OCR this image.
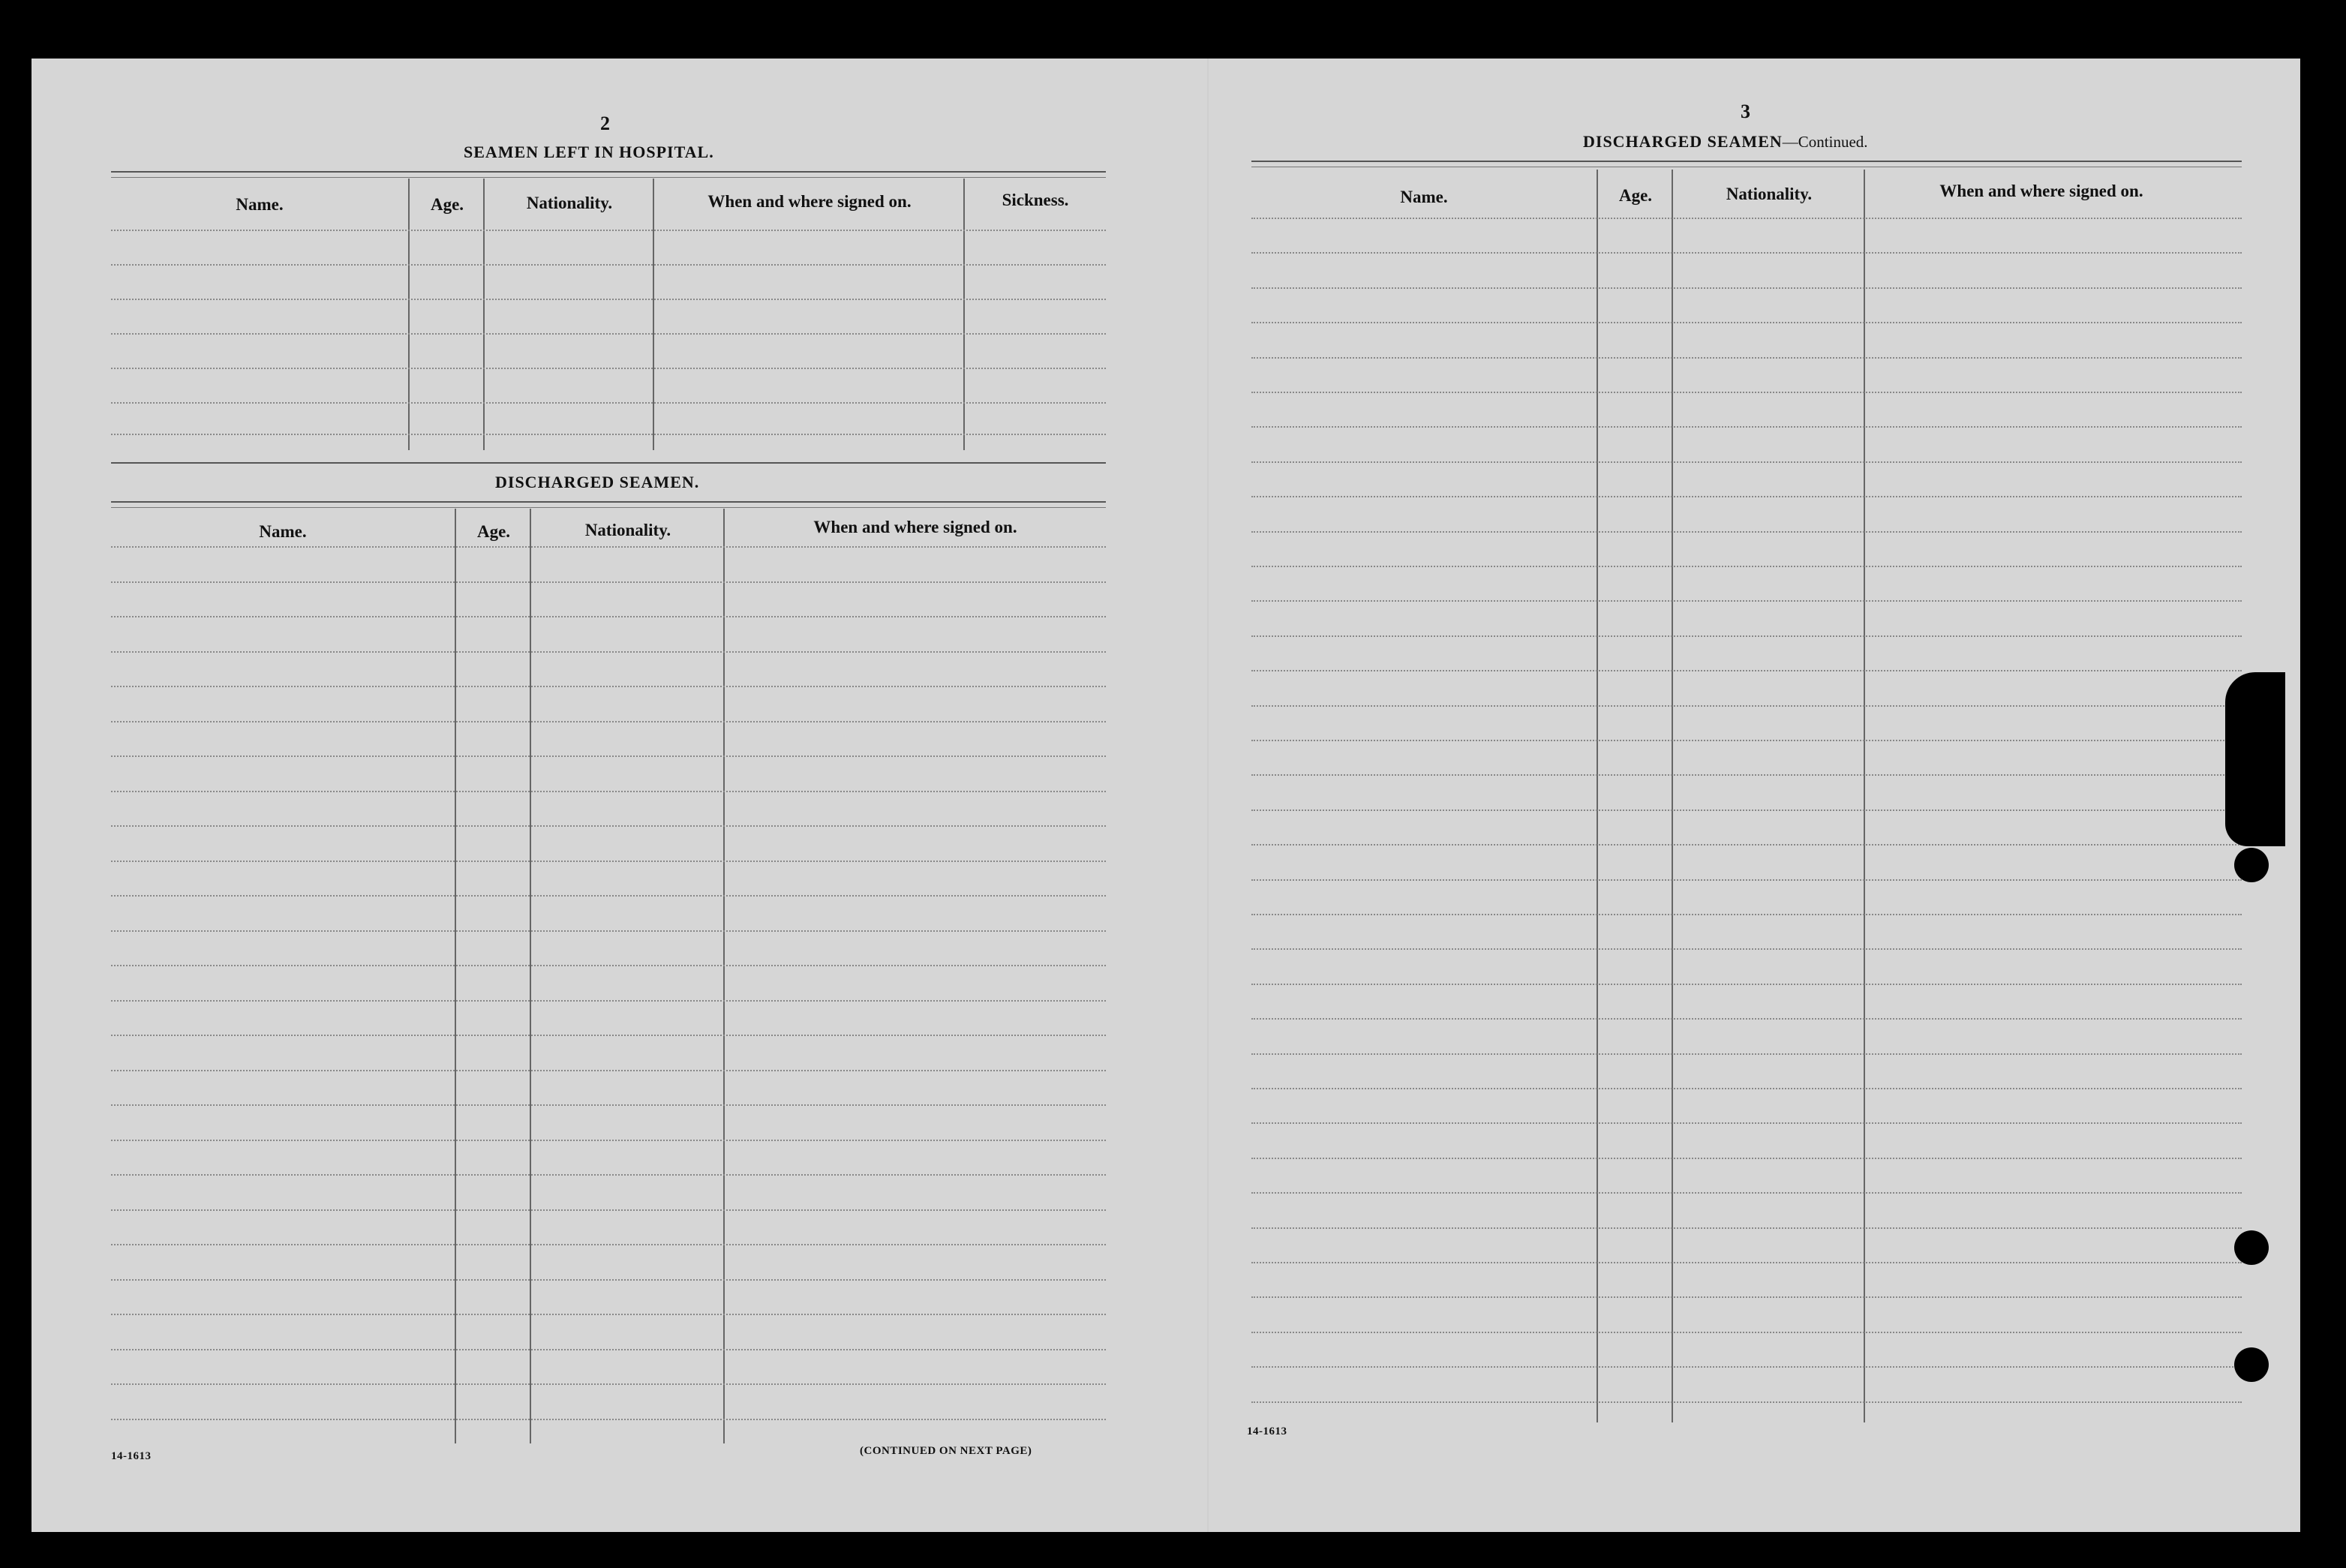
2
SEAMEN LEFT IN HOSPITAL.
Name.	Age.	Nationality.	When and where signed on.	Sickness.
DISCHARGED SEAMEN.
Name.	Age.	Nationality.	When and where signed on.
14-1613	(CONTINUED ON NEXT PAGE)
3
DISCHARGED SEAMEN—Continued.
Name.	Age.	Nationality.	When and where signed on.
14-1613
